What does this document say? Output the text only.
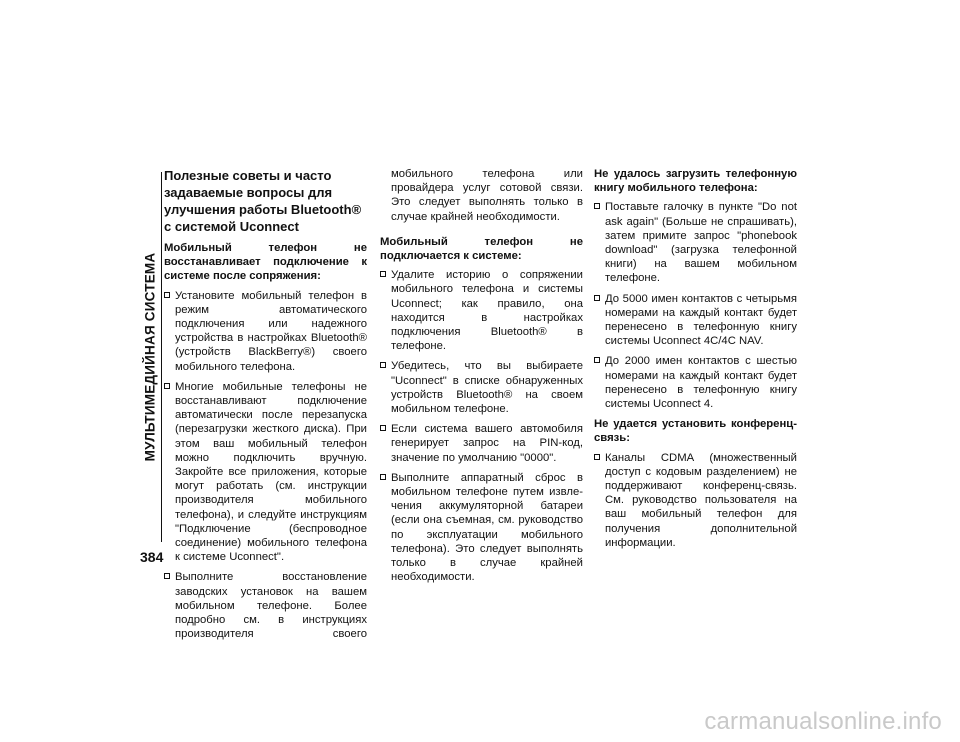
МУЛЬТИМЕДИЙНАЯ СИСТЕМА
384
Полезные советы и часто задаваемые вопросы для улучшения работы Bluetooth® с системой Uconnect
Мобильный телефон не восстанавливает подключение к системе после сопряжения:
Установите мобильный телефон в режим автоматического подключения или надежного устройства в настройках Bluetooth® (устройств BlackBerry®) своего мобильного телефона.
Многие мобильные телефоны не восстанавливают подключение автоматически после перезапуска (перезагрузки жесткого диска). При этом ваш мобильный телефон можно подключить вручную. Закройте все приложения, которые могут работать (см. инструкции производителя мобильного телефона), и следуйте инструкциям "Подключение (беспроводное соединение) мобильного телефона к системе Uconnect".
Выполните восстановление заводских установок на вашем мобильном телефоне. Более подробно см. в инструкциях производителя своего
мобильного телефона или провайдера услуг сотовой связи. Это следует выполнять только в случае крайней необходимости.
Мобильный телефон не подключается к системе:
Удалите историю о сопряжении мобильного телефона и системы Uconnect; как правило, она находится в настройках подключения Bluetooth® в телефоне.
Убедитесь, что вы выбираете "Uconnect" в списке обнаруженных устройств Bluetooth® на своем мобильном телефоне.
Если система вашего автомобиля генерирует запрос на PIN-код, значение по умолчанию "0000".
Выполните аппаратный сброс в мобильном телефоне путем извлечения аккумуляторной батареи (если она съемная, см. руководство по эксплуатации мобильного телефона). Это следует выполнять только в случае крайней необходимости.
Не удалось загрузить телефонную книгу мобильного телефона:
Поставьте галочку в пункте "Do not ask again" (Больше не спрашивать), затем примите запрос "phonebook download" (загрузка телефонной книги) на вашем мобильном телефоне.
До 5000 имен контактов с четырьмя номерами на каждый контакт будет перенесено в телефонную книгу системы Uconnect 4C/4C NAV.
До 2000 имен контактов с шестью номерами на каждый контакт будет перенесено в телефонную книгу системы Uconnect 4.
Не удается установить конференц-связь:
Каналы CDMA (множественный доступ с кодовым разделением) не поддерживают конференц-связь. См. руководство пользователя на ваш мобильный телефон для получения дополнительной информации.
carmanualsonline.info
